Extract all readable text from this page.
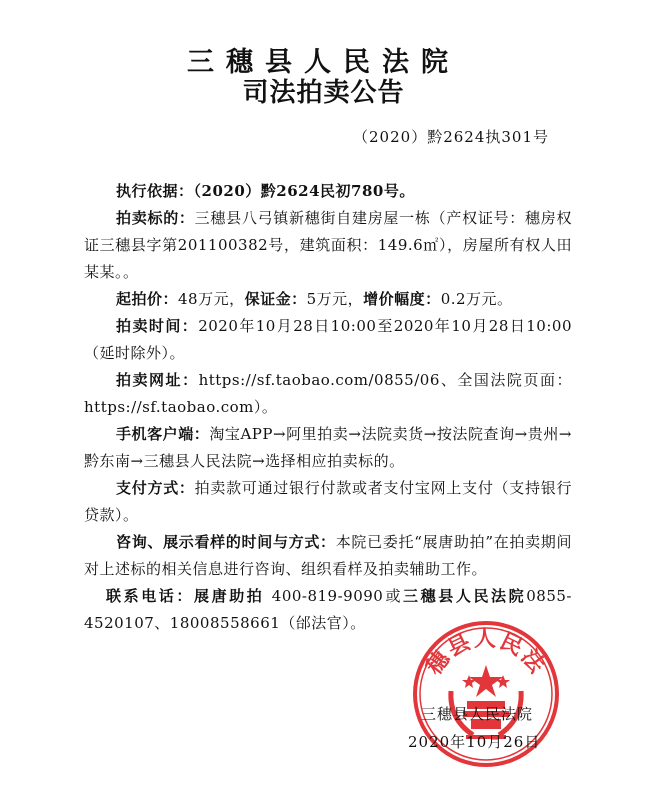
三穗县人民法院
司法拍卖公告
（2020）黔2624执301号

执行依据：（2020）黔2624民初780号。

拍卖标的：三穗县八弓镇新穗街自建房屋一栋（产权证号：穗房权证三穗县字第201100382号，建筑面积：149.6㎡），房屋所有权人田某某。。

起拍价：48万元，保证金：5万元，增价幅度：0.2万元。

拍卖时间：2020年10月28日10:00至2020年10月28日10:00（延时除外）。

拍卖网址：https://sf.taobao.com/0855/06、全国法院页面：https://sf.taobao.com）。

手机客户端：淘宝APP→阿里拍卖→法院卖货→按法院查询→贵州→黔东南→三穗县人民法院→选择相应拍卖标的。

支付方式：拍卖款可通过银行付款或者支付宝网上支付（支持银行贷款）。

咨询、展示看样的时间与方式：本院已委托“展唐助拍”在拍卖期间对上述标的相关信息进行咨询、组织看样及拍卖辅助工作。

联系电话：展唐助拍 400-819-9090或三穗县人民法院0855-4520107、18008558661（邰法官）。

穗县人民法
三穗县人民法院
2020年10月26日
